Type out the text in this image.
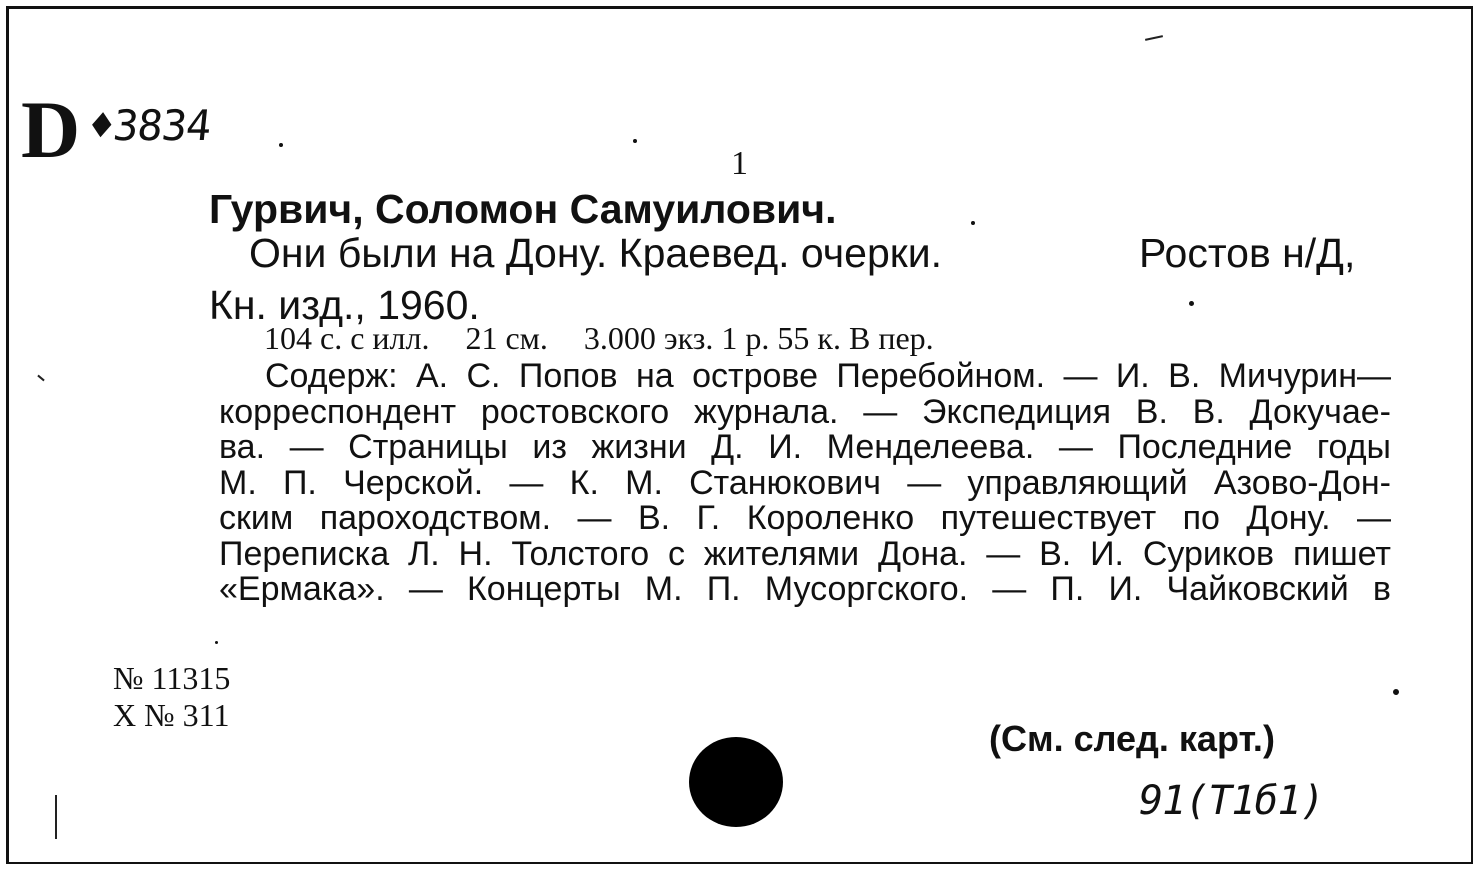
D ♦3834
1
Гурвич, Соломон Самуилович.
Они были на Дону. Краевед. очерки.	Ростов н/Д,
Кн. изд., 1960.
104 с. с илл. 21 см. 3.000 экз. 1 р. 55 к. В пер.
Содерж: А. С. Попов на острове Перебойном. — И. В. Мичурин—
корреспондент ростовского журнала. — Экспедиция В. В. Докучае-
ва. — Страницы из жизни Д. И. Менделеева. — Последние годы
М. П. Черской. — К. М. Станюкович — управляющий Азово-Дон-
ским пароходством. — В. Г. Короленко путешествует по Дону. —
Переписка Л. Н. Толстого с жителями Дона. — В. И. Суриков пишет
«Ермака». — Концерты М. П. Мусоргского. — П. И. Чайковский в
№ 11315
Х № 311
(См. след. карт.)
91(Т1б1)
